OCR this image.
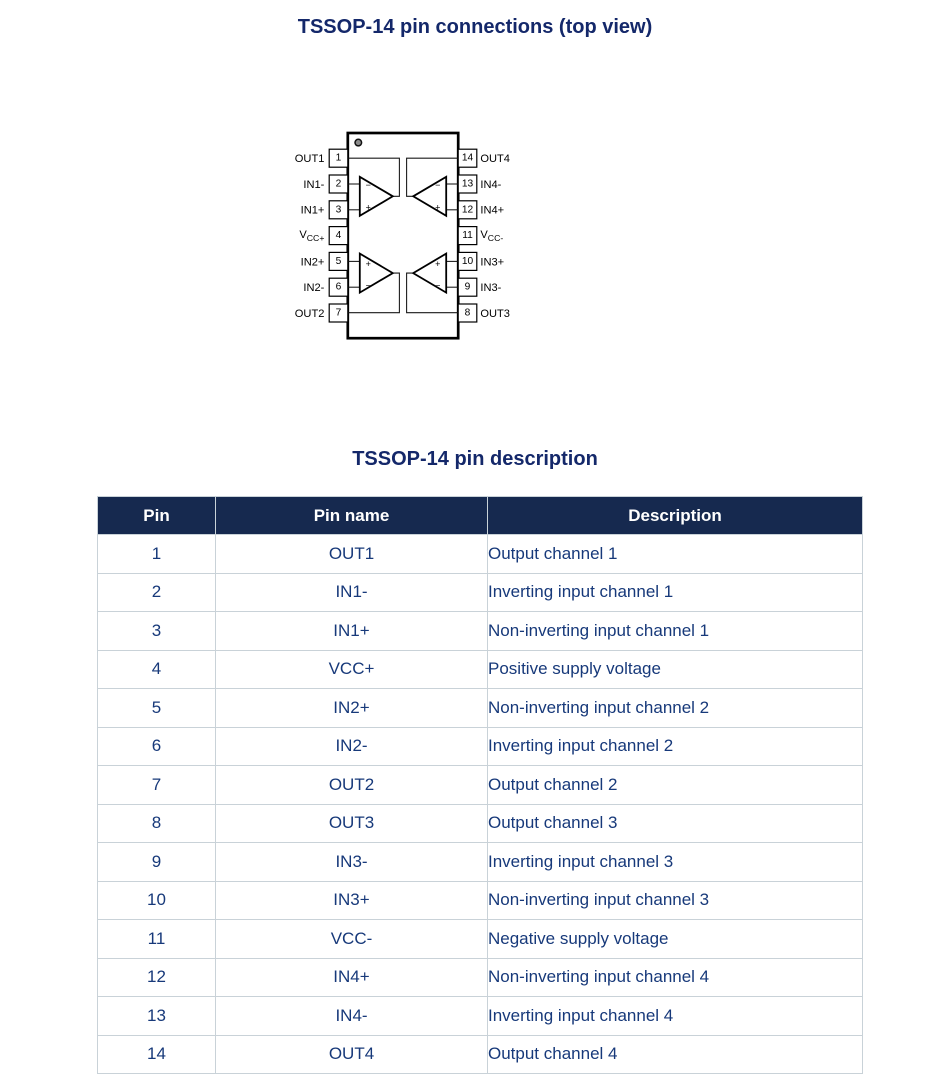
TSSOP-14 pin connections (top view)
−
+
−
+
+
−
+
−
1
2
3
4
5
6
7
14
13
12
11
10
9
8
OUT1
IN1-
IN1+
$V_{CC+}$
IN2+
IN2-
OUT2
OUT4
IN4-
IN4+
$V_{CC-}$
IN3+
IN3-
OUT3
TSSOP-14 pin description
Pin	Pin name	Description
1	OUT1	Output channel 1
2	IN1-	Inverting input channel 1
3	IN1+	Non-inverting input channel 1
4	VCC+	Positive supply voltage
5	IN2+	Non-inverting input channel 2
6	IN2-	Inverting input channel 2
7	OUT2	Output channel 2
8	OUT3	Output channel 3
9	IN3-	Inverting input channel 3
10	IN3+	Non-inverting input channel 3
11	VCC-	Negative supply voltage
12	IN4+	Non-inverting input channel 4
13	IN4-	Inverting input channel 4
14	OUT4	Output channel 4
